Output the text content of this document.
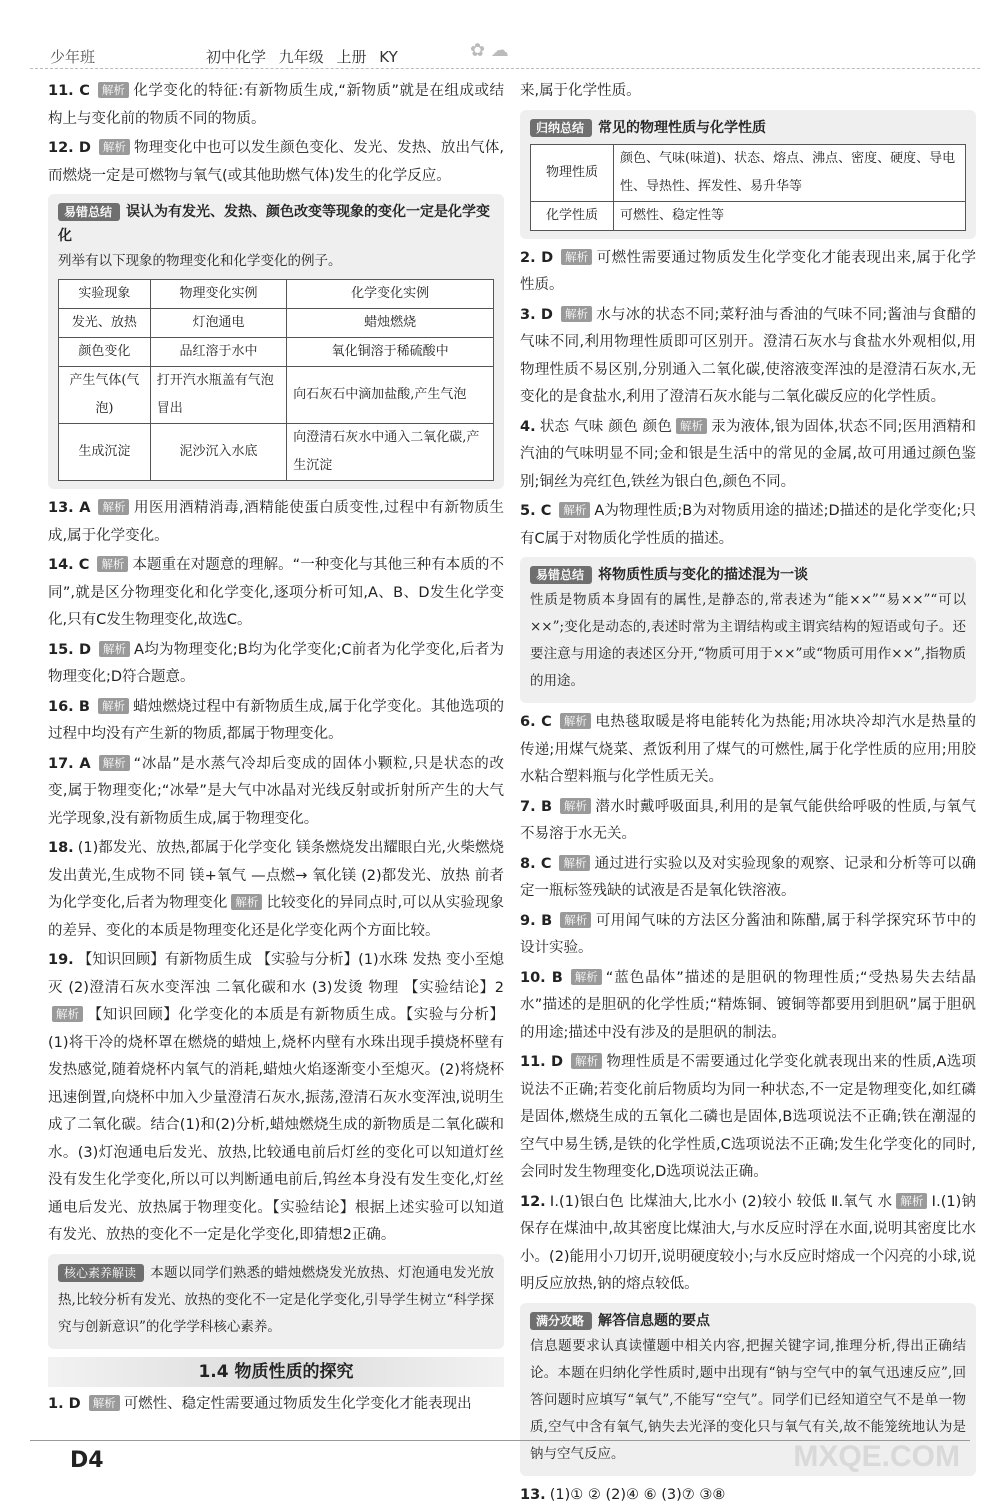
少年班	初中化学 九年级 上册 KY	✿ ☁

11. C 解析 化学变化的特征:有新物质生成,“新物质”就是在组成或结构上与变化前的物质不同的物质。

12. D 解析 物理变化中也可以发生颜色变化、发光、发热、放出气体,而燃烧一定是可燃物与氧气(或其他助燃气体)发生的化学反应。

易错总结 误认为有发光、发热、颜色改变等现象的变化一定是化学变化

列举有以下现象的物理变化和化学变化的例子。

实验现象	物理变化实例	化学变化实例
发光、放热	灯泡通电	蜡烛燃烧
颜色变化	品红溶于水中	氧化铜溶于稀硫酸中
产生气体(气泡)	打开汽水瓶盖有气泡冒出	向石灰石中滴加盐酸,产生气泡
生成沉淀	泥沙沉入水底	向澄清石灰水中通入二氧化碳,产生沉淀

13. A 解析 用医用酒精消毒,酒精能使蛋白质变性,过程中有新物质生成,属于化学变化。

14. C 解析 本题重在对题意的理解。“一种变化与其他三种有本质的不同”,就是区分物理变化和化学变化,逐项分析可知,A、B、D发生化学变化,只有C发生物理变化,故选C。

15. D 解析 A均为物理变化;B均为化学变化;C前者为化学变化,后者为物理变化;D符合题意。

16. B 解析 蜡烛燃烧过程中有新物质生成,属于化学变化。其他选项的过程中均没有产生新的物质,都属于物理变化。

17. A 解析 “冰晶”是水蒸气冷却后变成的固体小颗粒,只是状态的改变,属于物理变化;“冰晕”是大气中冰晶对光线反射或折射所产生的大气光学现象,没有新物质生成,属于物理变化。

18. (1)都发光、放热,都属于化学变化 镁条燃烧发出耀眼白光,火柴燃烧发出黄光,生成物不同 镁+氧气 —点燃→ 氧化镁 (2)都发光、放热 前者为化学变化,后者为物理变化 解析 比较变化的异同点时,可以从实验现象的差异、变化的本质是物理变化还是化学变化两个方面比较。

19. 【知识回顾】有新物质生成 【实验与分析】(1)水珠 发热 变小至熄灭 (2)澄清石灰水变浑浊 二氧化碳和水 (3)发烫 物理 【实验结论】2解析 【知识回顾】化学变化的本质是有新物质生成。【实验与分析】(1)将干冷的烧杯罩在燃烧的蜡烛上,烧杯内壁有水珠出现手摸烧杯壁有发热感觉,随着烧杯内氧气的消耗,蜡烛火焰逐渐变小至熄灭。(2)将烧杯迅速倒置,向烧杯中加入少量澄清石灰水,振荡,澄清石灰水变浑浊,说明生成了二氧化碳。结合(1)和(2)分析,蜡烛燃烧生成的新物质是二氧化碳和水。(3)灯泡通电后发光、放热,比较通电前后灯丝的变化可以知道灯丝没有发生化学变化,所以可以判断通电前后,钨丝本身没有发生变化,灯丝通电后发光、放热属于物理变化。【实验结论】根据上述实验可以知道有发光、放热的变化不一定是化学变化,即猜想2正确。

核心素养解读 本题以同学们熟悉的蜡烛燃烧发光放热、灯泡通电发光放热,比较分析有发光、放热的变化不一定是化学变化,引导学生树立“科学探究与创新意识”的化学学科核心素养。

1.4 物质性质的探究

1. D 解析 可燃性、稳定性需要通过物质发生化学变化才能表现出

来,属于化学性质。

归纳总结 常见的物理性质与化学性质
物理性质	颜色、气味(味道)、状态、熔点、沸点、密度、硬度、导电性、导热性、挥发性、易升华等
化学性质	可燃性、稳定性等

2. D 解析 可燃性需要通过物质发生化学变化才能表现出来,属于化学性质。

3. D 解析 水与冰的状态不同;菜籽油与香油的气味不同;酱油与食醋的气味不同,利用物理性质即可区别开。澄清石灰水与食盐水外观相似,用物理性质不易区别,分别通入二氧化碳,使溶液变浑浊的是澄清石灰水,无变化的是食盐水,利用了澄清石灰水能与二氧化碳反应的化学性质。

4. 状态 气味 颜色 颜色 解析 汞为液体,银为固体,状态不同;医用酒精和汽油的气味明显不同;金和银是生活中的常见的金属,故可用通过颜色鉴别;铜丝为亮红色,铁丝为银白色,颜色不同。

5. C 解析 A为物理性质;B为对物质用途的描述;D描述的是化学变化;只有C属于对物质化学性质的描述。

易错总结 将物质性质与变化的描述混为一谈

性质是物质本身固有的属性,是静态的,常表述为“能××”“易××”“可以××”;变化是动态的,表述时常为主谓结构或主谓宾结构的短语或句子。还要注意与用途的表述区分开,“物质可用于××”或“物质可用作××”,指物质的用途。

6. C 解析 电热毯取暖是将电能转化为热能;用冰块冷却汽水是热量的传递;用煤气烧菜、煮饭利用了煤气的可燃性,属于化学性质的应用;用胶水粘合塑料瓶与化学性质无关。

7. B 解析 潜水时戴呼吸面具,利用的是氧气能供给呼吸的性质,与氧气不易溶于水无关。

8. C 解析 通过进行实验以及对实验现象的观察、记录和分析等可以确定一瓶标签残缺的试液是否是氧化铁溶液。

9. B 解析 可用闻气味的方法区分酱油和陈醋,属于科学探究环节中的设计实验。

10. B 解析 “蓝色晶体”描述的是胆矾的物理性质;“受热易失去结晶水”描述的是胆矾的化学性质;“精炼铜、镀铜等都要用到胆矾”属于胆矾的用途;描述中没有涉及的是胆矾的制法。

11. D 解析 物理性质是不需要通过化学变化就表现出来的性质,A选项说法不正确;若变化前后物质均为同一种状态,不一定是物理变化,如红磷是固体,燃烧生成的五氧化二磷也是固体,B选项说法不正确;铁在潮湿的空气中易生锈,是铁的化学性质,C选项说法不正确;发生化学变化的同时,会同时发生物理变化,D选项说法正确。

12. Ⅰ.(1)银白色 比煤油大,比水小 (2)较小 较低 Ⅱ.氧气 水 解析 Ⅰ.(1)钠保存在煤油中,故其密度比煤油大,与水反应时浮在水面,说明其密度比水小。(2)能用小刀切开,说明硬度较小;与水反应时熔成一个闪亮的小球,说明反应放热,钠的熔点较低。

满分攻略 解答信息题的要点

信息题要求认真读懂题中相关内容,把握关键字词,推理分析,得出正确结论。本题在归纳化学性质时,题中出现有“钠与空气中的氧气迅速反应”,回答问题时应填写“氧气”,不能写“空气”。同学们已经知道空气不是单一物质,空气中含有氧气,钠失去光泽的变化只与氧气有关,故不能笼统地认为是钠与空气反应。

13. (1)① ② (2)④ ⑥ (3)⑦ ③⑧

D4	MXQE.COM
